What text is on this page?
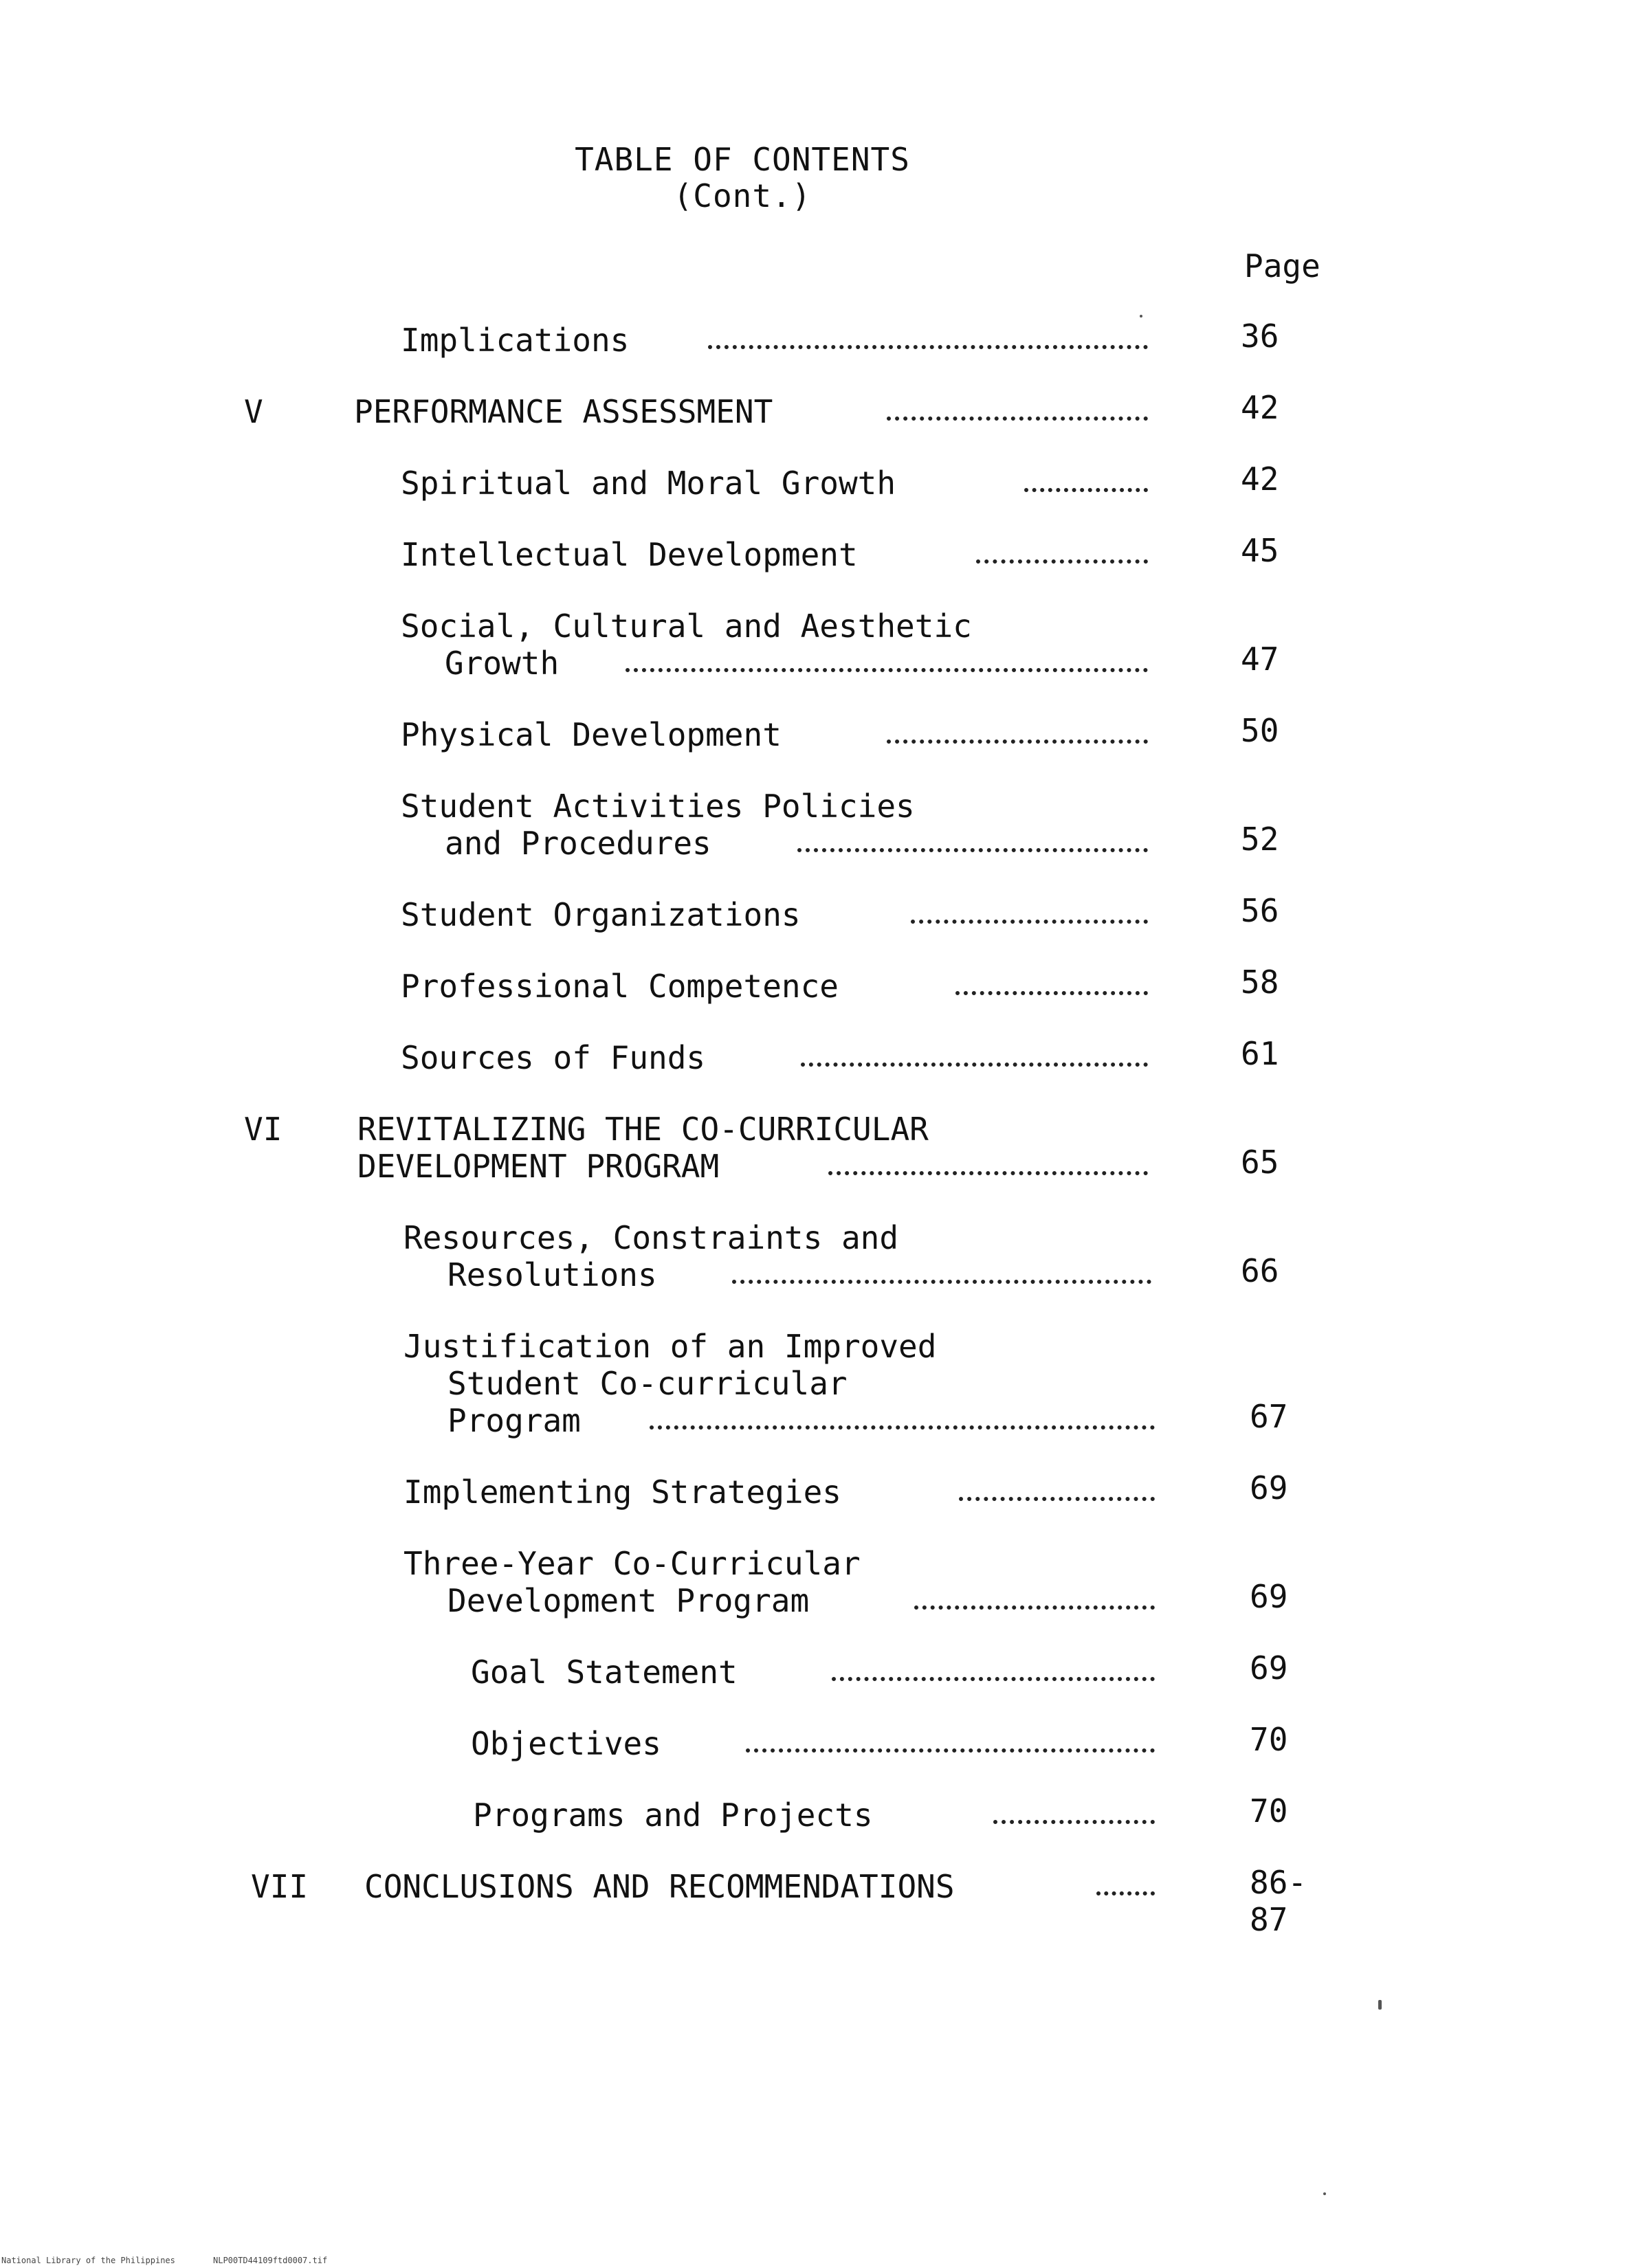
TABLE OF CONTENTS
(Cont.)
Page
Implications	36
V	PERFORMANCE ASSESSMENT	42
Spiritual and Moral Growth	42
Intellectual Development	45
Social, Cultural and Aesthetic
Growth	47
Physical Development	50
Student Activities Policies
and Procedures	52
Student Organizations	56
Professional Competence	58
Sources of Funds	61
VI REVITALIZING THE CO-CURRICULAR
DEVELOPMENT PROGRAM	65
Resources, Constraints and
Resolutions	66
Justification of an Improved
Student Co-curricular
Program	67
Implementing Strategies	69
Three-Year Co-Curricular
Development Program	69
Goal Statement	69
Objectives	70
Programs and Projects	70
VII CONCLUSIONS AND RECOMMENDATIONS	86-87
National Library of the Philippines	NLP00TD44109ftd0007.tif
